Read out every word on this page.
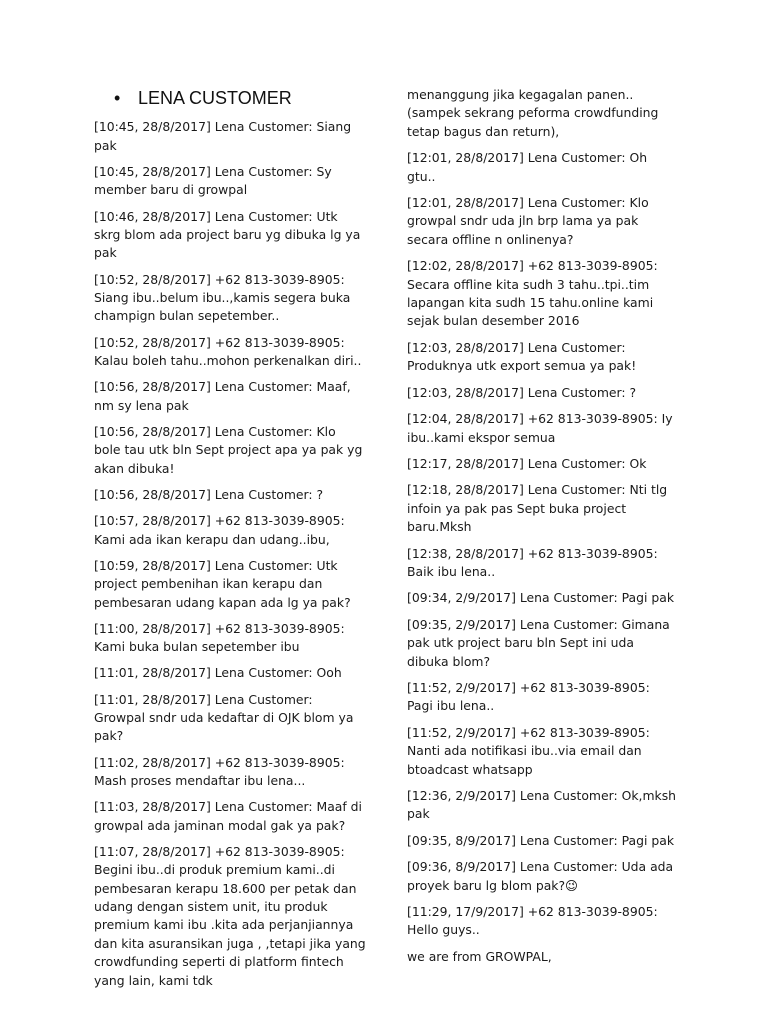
• LENA CUSTOMER

[10:45, 28/8/2017] Lena Customer: Siang pak

[10:45, 28/8/2017] Lena Customer: Sy member baru di growpal

[10:46, 28/8/2017] Lena Customer: Utk skrg blom ada project baru yg dibuka lg ya pak

[10:52, 28/8/2017] +62 813-3039-8905: Siang ibu..belum ibu..,kamis segera buka champign bulan sepetember..

[10:52, 28/8/2017] +62 813-3039-8905: Kalau boleh tahu..mohon perkenalkan diri..

[10:56, 28/8/2017] Lena Customer: Maaf, nm sy lena pak

[10:56, 28/8/2017] Lena Customer: Klo bole tau utk bln Sept project apa ya pak yg akan dibuka!

[10:56, 28/8/2017] Lena Customer: ?

[10:57, 28/8/2017] +62 813-3039-8905: Kami ada ikan kerapu dan udang..ibu,

[10:59, 28/8/2017] Lena Customer: Utk project pembenihan ikan kerapu dan pembesaran udang kapan ada lg ya pak?

[11:00, 28/8/2017] +62 813-3039-8905: Kami buka bulan sepetember ibu

[11:01, 28/8/2017] Lena Customer: Ooh

[11:01, 28/8/2017] Lena Customer: Growpal sndr uda kedaftar di OJK blom ya pak?

[11:02, 28/8/2017] +62 813-3039-8905: Mash proses mendaftar ibu lena...

[11:03, 28/8/2017] Lena Customer: Maaf di growpal ada jaminan modal gak ya pak?

[11:07, 28/8/2017] +62 813-3039-8905: Begini ibu..di produk premium kami..di pembesaran kerapu 18.600 per petak dan udang dengan sistem unit, itu produk premium kami ibu .kita ada perjanjiannya dan kita asuransikan juga , ,tetapi jika yang crowdfunding seperti di platform fintech yang lain, kami tdk

menanggung jika kegagalan panen..(sampek sekrang peforma crowdfunding tetap bagus dan return),

[12:01, 28/8/2017] Lena Customer: Oh gtu..

[12:01, 28/8/2017] Lena Customer: Klo growpal sndr uda jln brp lama ya pak secara offline n onlinenya?

[12:02, 28/8/2017] +62 813-3039-8905: Secara offline kita sudh 3 tahu..tpi..tim lapangan kita sudh 15 tahu.online kami sejak bulan desember 2016

[12:03, 28/8/2017] Lena Customer: Produknya utk export semua ya pak!

[12:03, 28/8/2017] Lena Customer: ?

[12:04, 28/8/2017] +62 813-3039-8905: Iy ibu..kami ekspor semua

[12:17, 28/8/2017] Lena Customer: Ok

[12:18, 28/8/2017] Lena Customer: Nti tlg infoin ya pak pas Sept buka project baru.Mksh

[12:38, 28/8/2017] +62 813-3039-8905: Baik ibu lena..

[09:34, 2/9/2017] Lena Customer: Pagi pak

[09:35, 2/9/2017] Lena Customer: Gimana pak utk project baru bln Sept ini uda dibuka blom?

[11:52, 2/9/2017] +62 813-3039-8905: Pagi ibu lena..

[11:52, 2/9/2017] +62 813-3039-8905: Nanti ada notifikasi ibu..via email dan btoadcast whatsapp

[12:36, 2/9/2017] Lena Customer: Ok,mksh pak

[09:35, 8/9/2017] Lena Customer: Pagi pak

[09:36, 8/9/2017] Lena Customer: Uda ada proyek baru lg blom pak?😉

[11:29, 17/9/2017] +62 813-3039-8905: Hello guys..

we are from GROWPAL,
